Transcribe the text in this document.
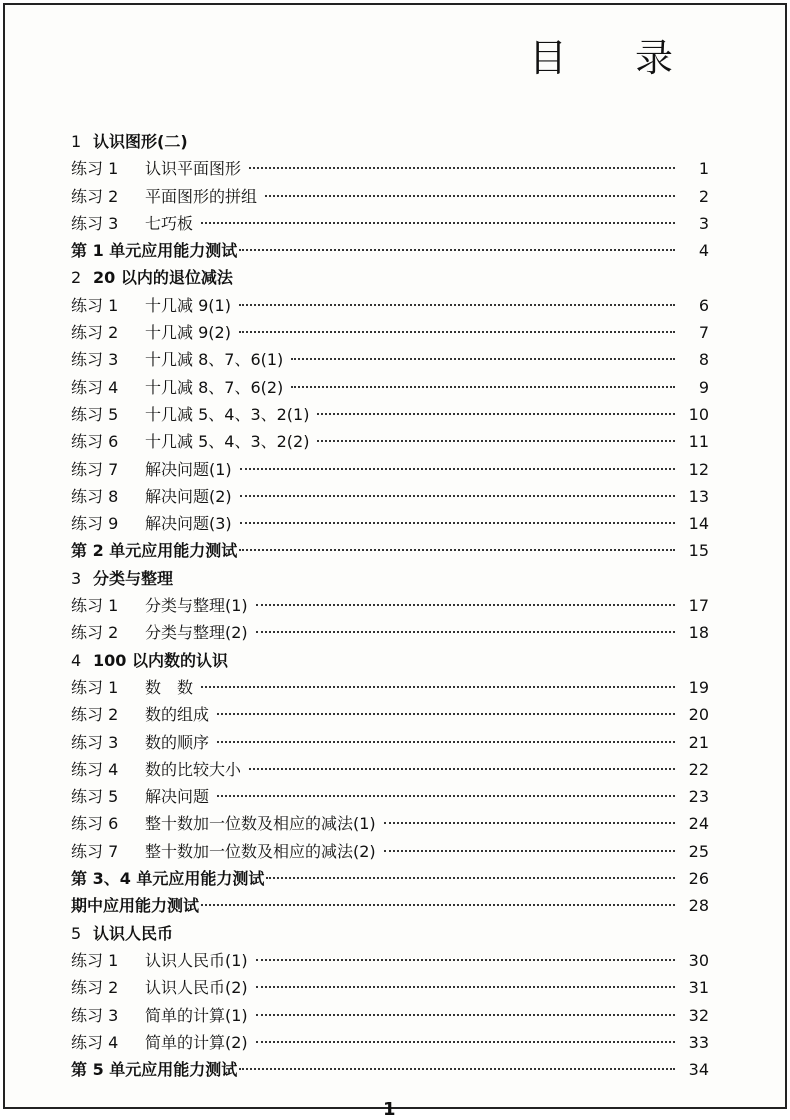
目 录
1 认识图形(二)
练习 1 认识平面图形	1
练习 2 平面图形的拼组	2
练习 3 七巧板	3
第 1 单元应用能力测试	4
2 20 以内的退位减法
练习 1 十几减 9(1)	6
练习 2 十几减 9(2)	7
练习 3 十几减 8、7、6(1)	8
练习 4 十几减 8、7、6(2)	9
练习 5 十几减 5、4、3、2(1)	10
练习 6 十几减 5、4、3、2(2)	11
练习 7 解决问题(1)	12
练习 8 解决问题(2)	13
练习 9 解决问题(3)	14
第 2 单元应用能力测试	15
3 分类与整理
练习 1 分类与整理(1)	17
练习 2 分类与整理(2)	18
4 100 以内数的认识
练习 1 数　数	19
练习 2 数的组成	20
练习 3 数的顺序	21
练习 4 数的比较大小	22
练习 5 解决问题	23
练习 6 整十数加一位数及相应的减法(1)	24
练习 7 整十数加一位数及相应的减法(2)	25
第 3、4 单元应用能力测试	26
期中应用能力测试	28
5 认识人民币
练习 1 认识人民币(1)	30
练习 2 认识人民币(2)	31
练习 3 简单的计算(1)	32
练习 4 简单的计算(2)	33
第 5 单元应用能力测试	34
1
